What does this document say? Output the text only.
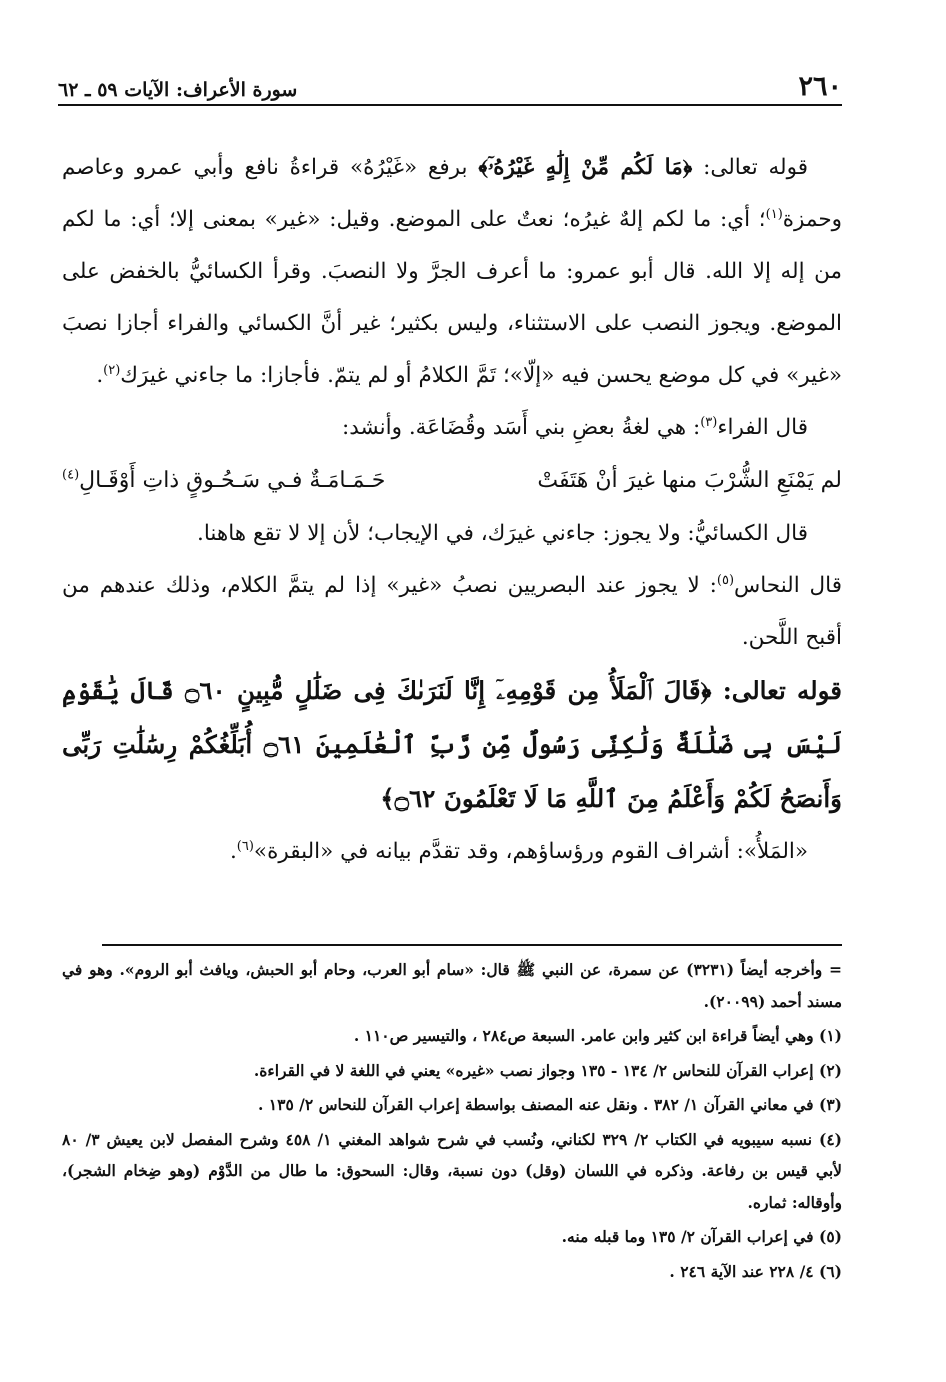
٢٦٠
سورة الأعراف: الآيات ٥٩ ـ ٦٢

قوله تعالى: ﴿مَا لَكُم مِّنْ إِلَٰهٍ غَيْرُهُۥٓ﴾ برفع «غَيْرُهُ» قراءةُ نافع وأبي عمرو وعاصم وحمزة$^{(١)}$؛ أي: ما لكم إلهٌ غيرُه؛ نعتٌ على الموضع. وقيل: «غير» بمعنى إلا؛ أي: ما لكم من إله إلا الله. قال أبو عمرو: ما أعرف الجرَّ ولا النصبَ. وقرأ الكسائيُّ بالخفض على الموضع. ويجوز النصب على الاستثناء، وليس بكثير؛ غير أنَّ الكسائي والفراء أجازا نصبَ «غير» في كل موضع يحسن فيه «إلّا»؛ تَمَّ الكلامُ أو لم يتمّ. فأجازا: ما جاءني غيرَك$^{(٢)}$.

قال الفراء$^{(٣)}$: هي لغةُ بعضِ بني أَسَد وقُضَاعَة. وأنشد:

لم يَمْنَعِ الشُّرْبَ منها غيرَ أنْ هَتَفَتْ
حَـمَـامَـةٌ فـي سَـحُـوقٍ ذاتِ أَوْقَـالِ$^{(٤)}$

قال الكسائيُّ: ولا يجوز: جاءني غيرَك، في الإيجاب؛ لأن إلا لا تقع هاهنا.

قال النحاس$^{(٥)}$: لا يجوز عند البصريين نصبُ «غير» إذا لم يتمَّ الكلام، وذلك عندهم من أقبح اللَّحن.

قوله تعالى: ﴿قَالَ ٱلْمَلَأُ مِن قَوْمِهِۦٓ إِنَّا لَنَرَىٰكَ فِى ضَلَٰلٍ مُّبِينٍ ۝٦٠ قَالَ يَٰقَوْمِ لَيْسَ بِى ضَلَٰلَةٌ وَلَٰكِنِّى رَسُولٌ مِّن رَّبِّ ٱلْعَٰلَمِينَ ۝٦١ أُبَلِّغُكُمْ رِسَٰلَٰتِ رَبِّى وَأَنصَحُ لَكُمْ وَأَعْلَمُ مِنَ ٱللَّهِ مَا لَا تَعْلَمُونَ ۝٦٢﴾

«المَلأُ»: أشراف القوم ورؤساؤهم، وقد تقدَّم بيانه في «البقرة»$^{(٦)}$.

= وأخرجه أيضاً (٣٢٣١) عن سمرة، عن النبي ﷺ قال: «سام أبو العرب، وحام أبو الحبش، ويافث أبو الروم». وهو في مسند أحمد (٢٠٠٩٩).

(١) وهي أيضاً قراءة ابن كثير وابن عامر. السبعة ص٢٨٤ ، والتيسير ص١١٠ .

(٢) إعراب القرآن للنحاس ٢/ ١٣٤ - ١٣٥ وجواز نصب «غيره» يعني في اللغة لا في القراءة.

(٣) في معاني القرآن ١/ ٣٨٢ . ونقل عنه المصنف بواسطة إعراب القرآن للنحاس ٢/ ١٣٥ .

(٤) نسبه سيبويه في الكتاب ٢/ ٣٢٩ لكناني، ونُسب في شرح شواهد المغني ١/ ٤٥٨ وشرح المفصل لابن يعيش ٣/ ٨٠ لأبي قيس بن رفاعة. وذكره في اللسان (وقل) دون نسبة، وقال: السحوق: ما طال من الدَّوْم (وهو ضِخام الشجر)، وأوقاله: ثماره.

(٥) في إعراب القرآن ٢/ ١٣٥ وما قبله منه.

(٦) ٤/ ٢٢٨ عند الآية ٢٤٦ .
